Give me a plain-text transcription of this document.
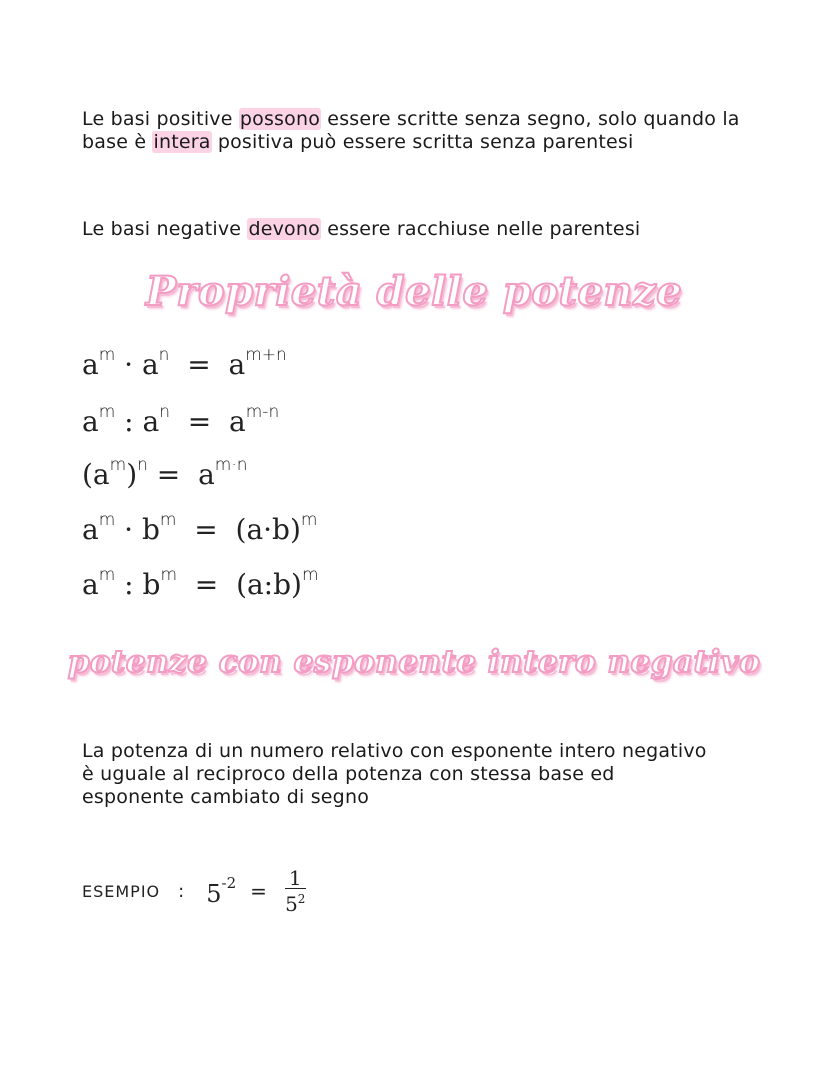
Le basi positive possono essere scritte senza segno, solo quando la base è intera positiva può essere scritta senza parentesi
Le basi negative devono essere racchiuse nelle parentesi
Proprietà delle potenze
$a^m \cdot a^n = a^{m+n}$
$a^m$ : $a^n = a^{m-n}$
$(a^m)^n = a^{m\cdot n}$
$a^m \cdot b^m = (a\cdot b)^m$
$a^m$ : $b^m$  =  (a:b)$^m$
potenze con esponente intero negativo
La potenza di un numero relativo con esponente intero negativo è uguale al reciproco della potenza con stessa base ed esponente cambiato di segno
ESEMPIO : $5^{-2} = \frac{1}{5^2}$
